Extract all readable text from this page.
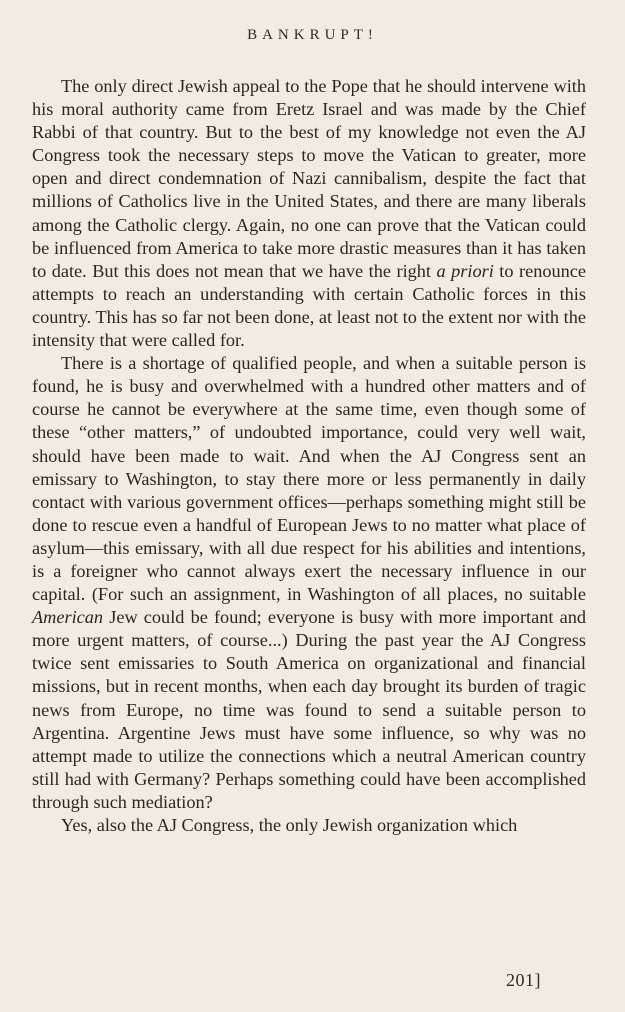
BANKRUPT!

The only direct Jewish appeal to the Pope that he should intervene with his moral authority came from Eretz Israel and was made by the Chief Rabbi of that country. But to the best of my knowledge not even the AJ Congress took the necessary steps to move the Vatican to greater, more open and direct condemnation of Nazi cannibalism, despite the fact that millions of Catholics live in the United States, and there are many liberals among the Catholic clergy. Again, no one can prove that the Vatican could be influenced from America to take more drastic measures than it has taken to date. But this does not mean that we have the right a priori to renounce attempts to reach an understanding with certain Catholic forces in this country. This has so far not been done, at least not to the extent nor with the intensity that were called for.

There is a shortage of qualified people, and when a suitable person is found, he is busy and overwhelmed with a hundred other matters and of course he cannot be everywhere at the same time, even though some of these “other matters,” of undoubted importance, could very well wait, should have been made to wait. And when the AJ Congress sent an emissary to Washington, to stay there more or less permanently in daily contact with various government offices—perhaps something might still be done to rescue even a handful of European Jews to no matter what place of asylum—this emissary, with all due respect for his abilities and intentions, is a foreigner who cannot always exert the necessary influence in our capital. (For such an assignment, in Washington of all places, no suitable American Jew could be found; everyone is busy with more important and more urgent matters, of course...) During the past year the AJ Congress twice sent emissaries to South America on organizational and financial missions, but in recent months, when each day brought its burden of tragic news from Europe, no time was found to send a suitable person to Argentina. Argentine Jews must have some influence, so why was no attempt made to utilize the connections which a neutral American country still had with Germany? Perhaps something could have been accomplished through such mediation?

Yes, also the AJ Congress, the only Jewish organization which

201]
